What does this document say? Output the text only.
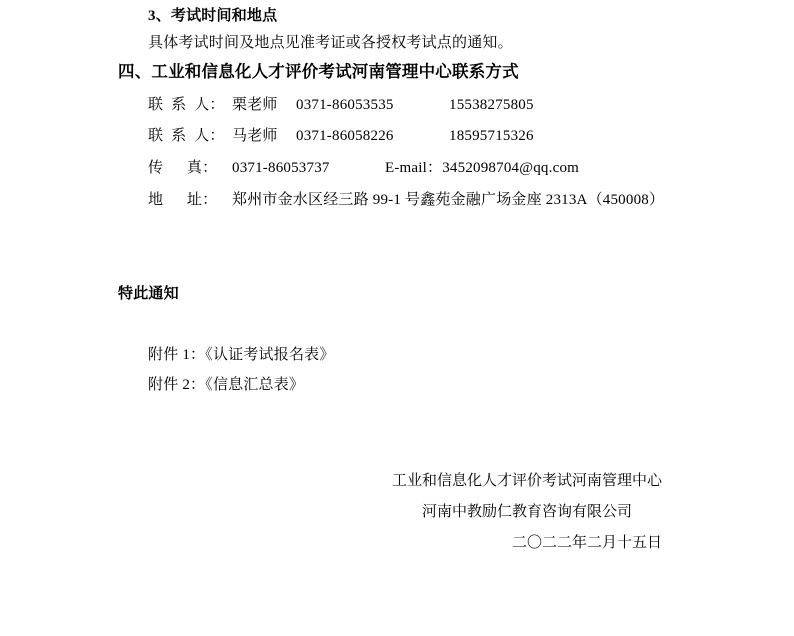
3、考试时间和地点
具体考试时间及地点见准考证或各授权考试点的通知。
四、工业和信息化人才评价考试河南管理中心联系方式
联  系  人： 栗老师 0371-86053535	15538275805
联  系  人： 马老师 0371-86058226	18595715326
传      真： 0371-86053737	E-mail：3452098704@qq.com
地      址： 郑州市金水区经三路 99-1 号鑫苑金融广场金座 2313A（450008）
特此通知
附件 1：《认证考试报名表》
附件 2：《信息汇总表》
工业和信息化人才评价考试河南管理中心
河南中教励仁教育咨询有限公司
二〇二二年二月十五日
